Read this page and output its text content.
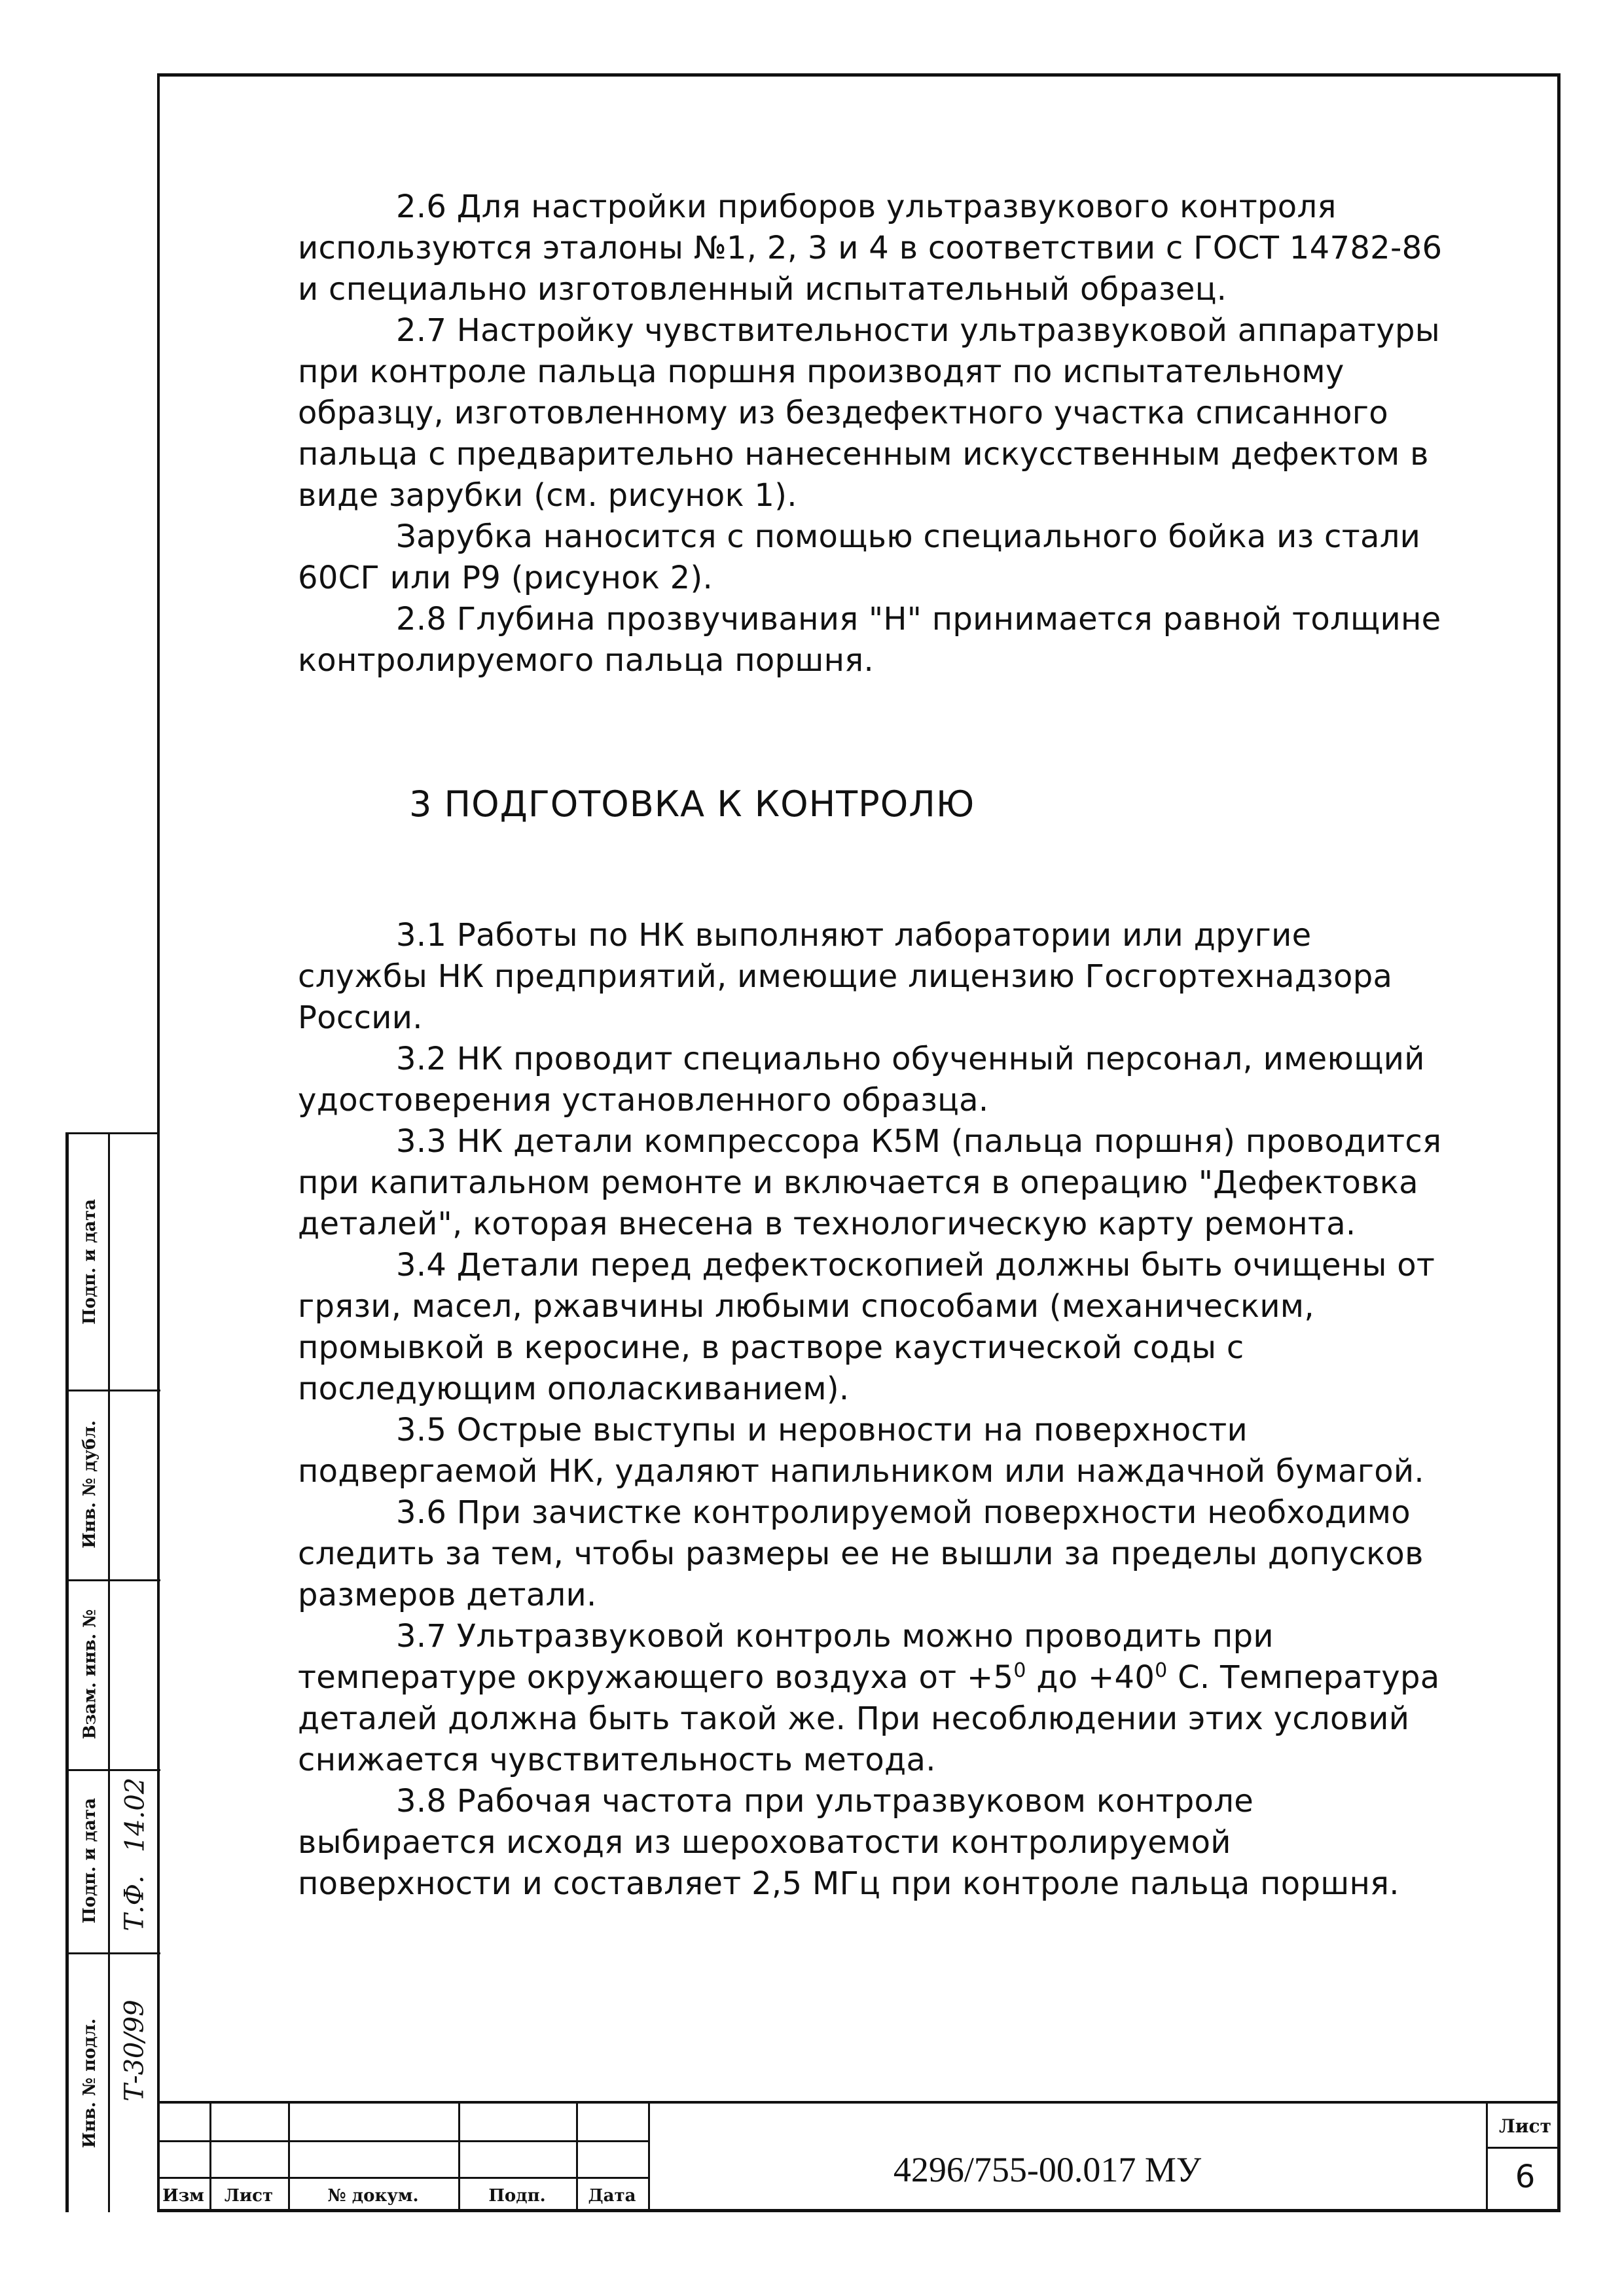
2.6 Для настройки приборов ультразвукового контроля используются эталоны №1, 2, 3 и 4 в соответствии с ГОСТ 14782-86 и специально изготовленный испытательный образец.

2.7 Настройку чувствительности ультразвуковой аппаратуры при контроле пальца поршня производят по испытательному образцу, изготовленному из бездефектного участка списанного пальца с предварительно нанесенным искусственным дефектом в виде зарубки (см. рисунок 1).

Зарубка наносится с помощью специального бойка из стали 60СГ или Р9 (рисунок 2).

2.8 Глубина прозвучивания "Н" принимается равной толщине контролируемого пальца поршня.

3 ПОДГОТОВКА К КОНТРОЛЮ

3.1 Работы по НК выполняют лаборатории или другие службы НК предприятий, имеющие лицензию Госгортехнадзора России.

3.2 НК проводит специально обученный персонал, имеющий удостоверения установленного образца.

3.3 НК детали компрессора К5М (пальца поршня) проводится при капитальном ремонте и включается в операцию "Дефектовка деталей", которая внесена в технологическую карту ремонта.

3.4 Детали перед дефектоскопией должны быть очищены от грязи, масел, ржавчины любыми способами (механическим, промывкой в керосине, в растворе каустической соды с последующим ополаскиванием).

3.5 Острые выступы и неровности на поверхности подвергаемой НК, удаляют напильником или наждачной бумагой.

3.6 При зачистке контролируемой поверхности необходимо следить за тем, чтобы размеры ее не вышли за пределы допусков размеров детали.

3.7 Ультразвуковой контроль можно проводить при температуре окружающего воздуха от $+5^0$ до $+40^0$ С. Температура деталей должна быть такой же. При несоблюдении этих условий снижается чувствительность метода.

3.8 Рабочая частота при ультразвуковом контроле выбирается исходя из шероховатости контролируемой поверхности и составляет 2,5 МГц при контроле пальца поршня.

Подп. и дата
Инв. № дубл.
Взам. инв. №
Подп. и дата
Инв. № подл.
14.02
Т.Ф.
Т-30/99
Изм	Лист	№ докум.	Подп.	Дата
4296/755-00.017 МУ
Лист
6
